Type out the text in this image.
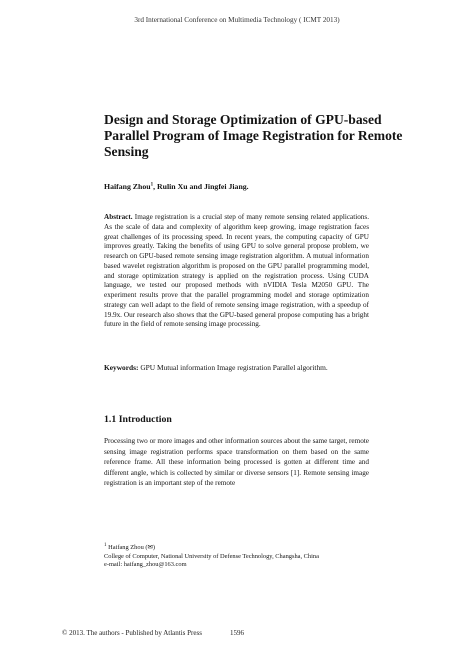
3rd International Conference on Multimedia Technology ( ICMT 2013)
Design and Storage Optimization of GPU-based Parallel Program of Image Registration for Remote Sensing
Haifang Zhou$^1$, Rulin Xu and Jingfei Jiang.
Abstract. Image registration is a crucial step of many remote sensing related applications. As the scale of data and complexity of algorithm keep growing, image registration faces great challenges of its processing speed. In recent years, the computing capacity of GPU improves greatly. Taking the benefits of using GPU to solve general propose problem, we research on GPU-based remote sensing image registration algorithm. A mutual information based wavelet registration algorithm is proposed on the GPU parallel programming model, and storage optimization strategy is applied on the registration process. Using CUDA language, we tested our proposed methods with nVIDIA Tesla M2050 GPU. The experiment results prove that the parallel programming model and storage optimization strategy can well adapt to the field of remote sensing image registration, with a speedup of 19.9x. Our research also shows that the GPU-based general propose computing has a bright future in the field of remote sensing image processing.
Keywords: GPU Mutual information Image registration Parallel algorithm.
1.1 Introduction
Processing two or more images and other information sources about the same target, remote sensing image registration performs space transformation on them based on the same reference frame. All these information being processed is gotten at different time and different angle, which is collected by similar or diverse sensors [1]. Remote sensing image registration is an important step of the remote
$^1$ Haifang Zhou (✉)
College of Computer, National University of Defense Technology, Changsha, China
e-mail: haifang_zhou@163.com
© 2013. The authors - Published by Atlantis Press	1596
